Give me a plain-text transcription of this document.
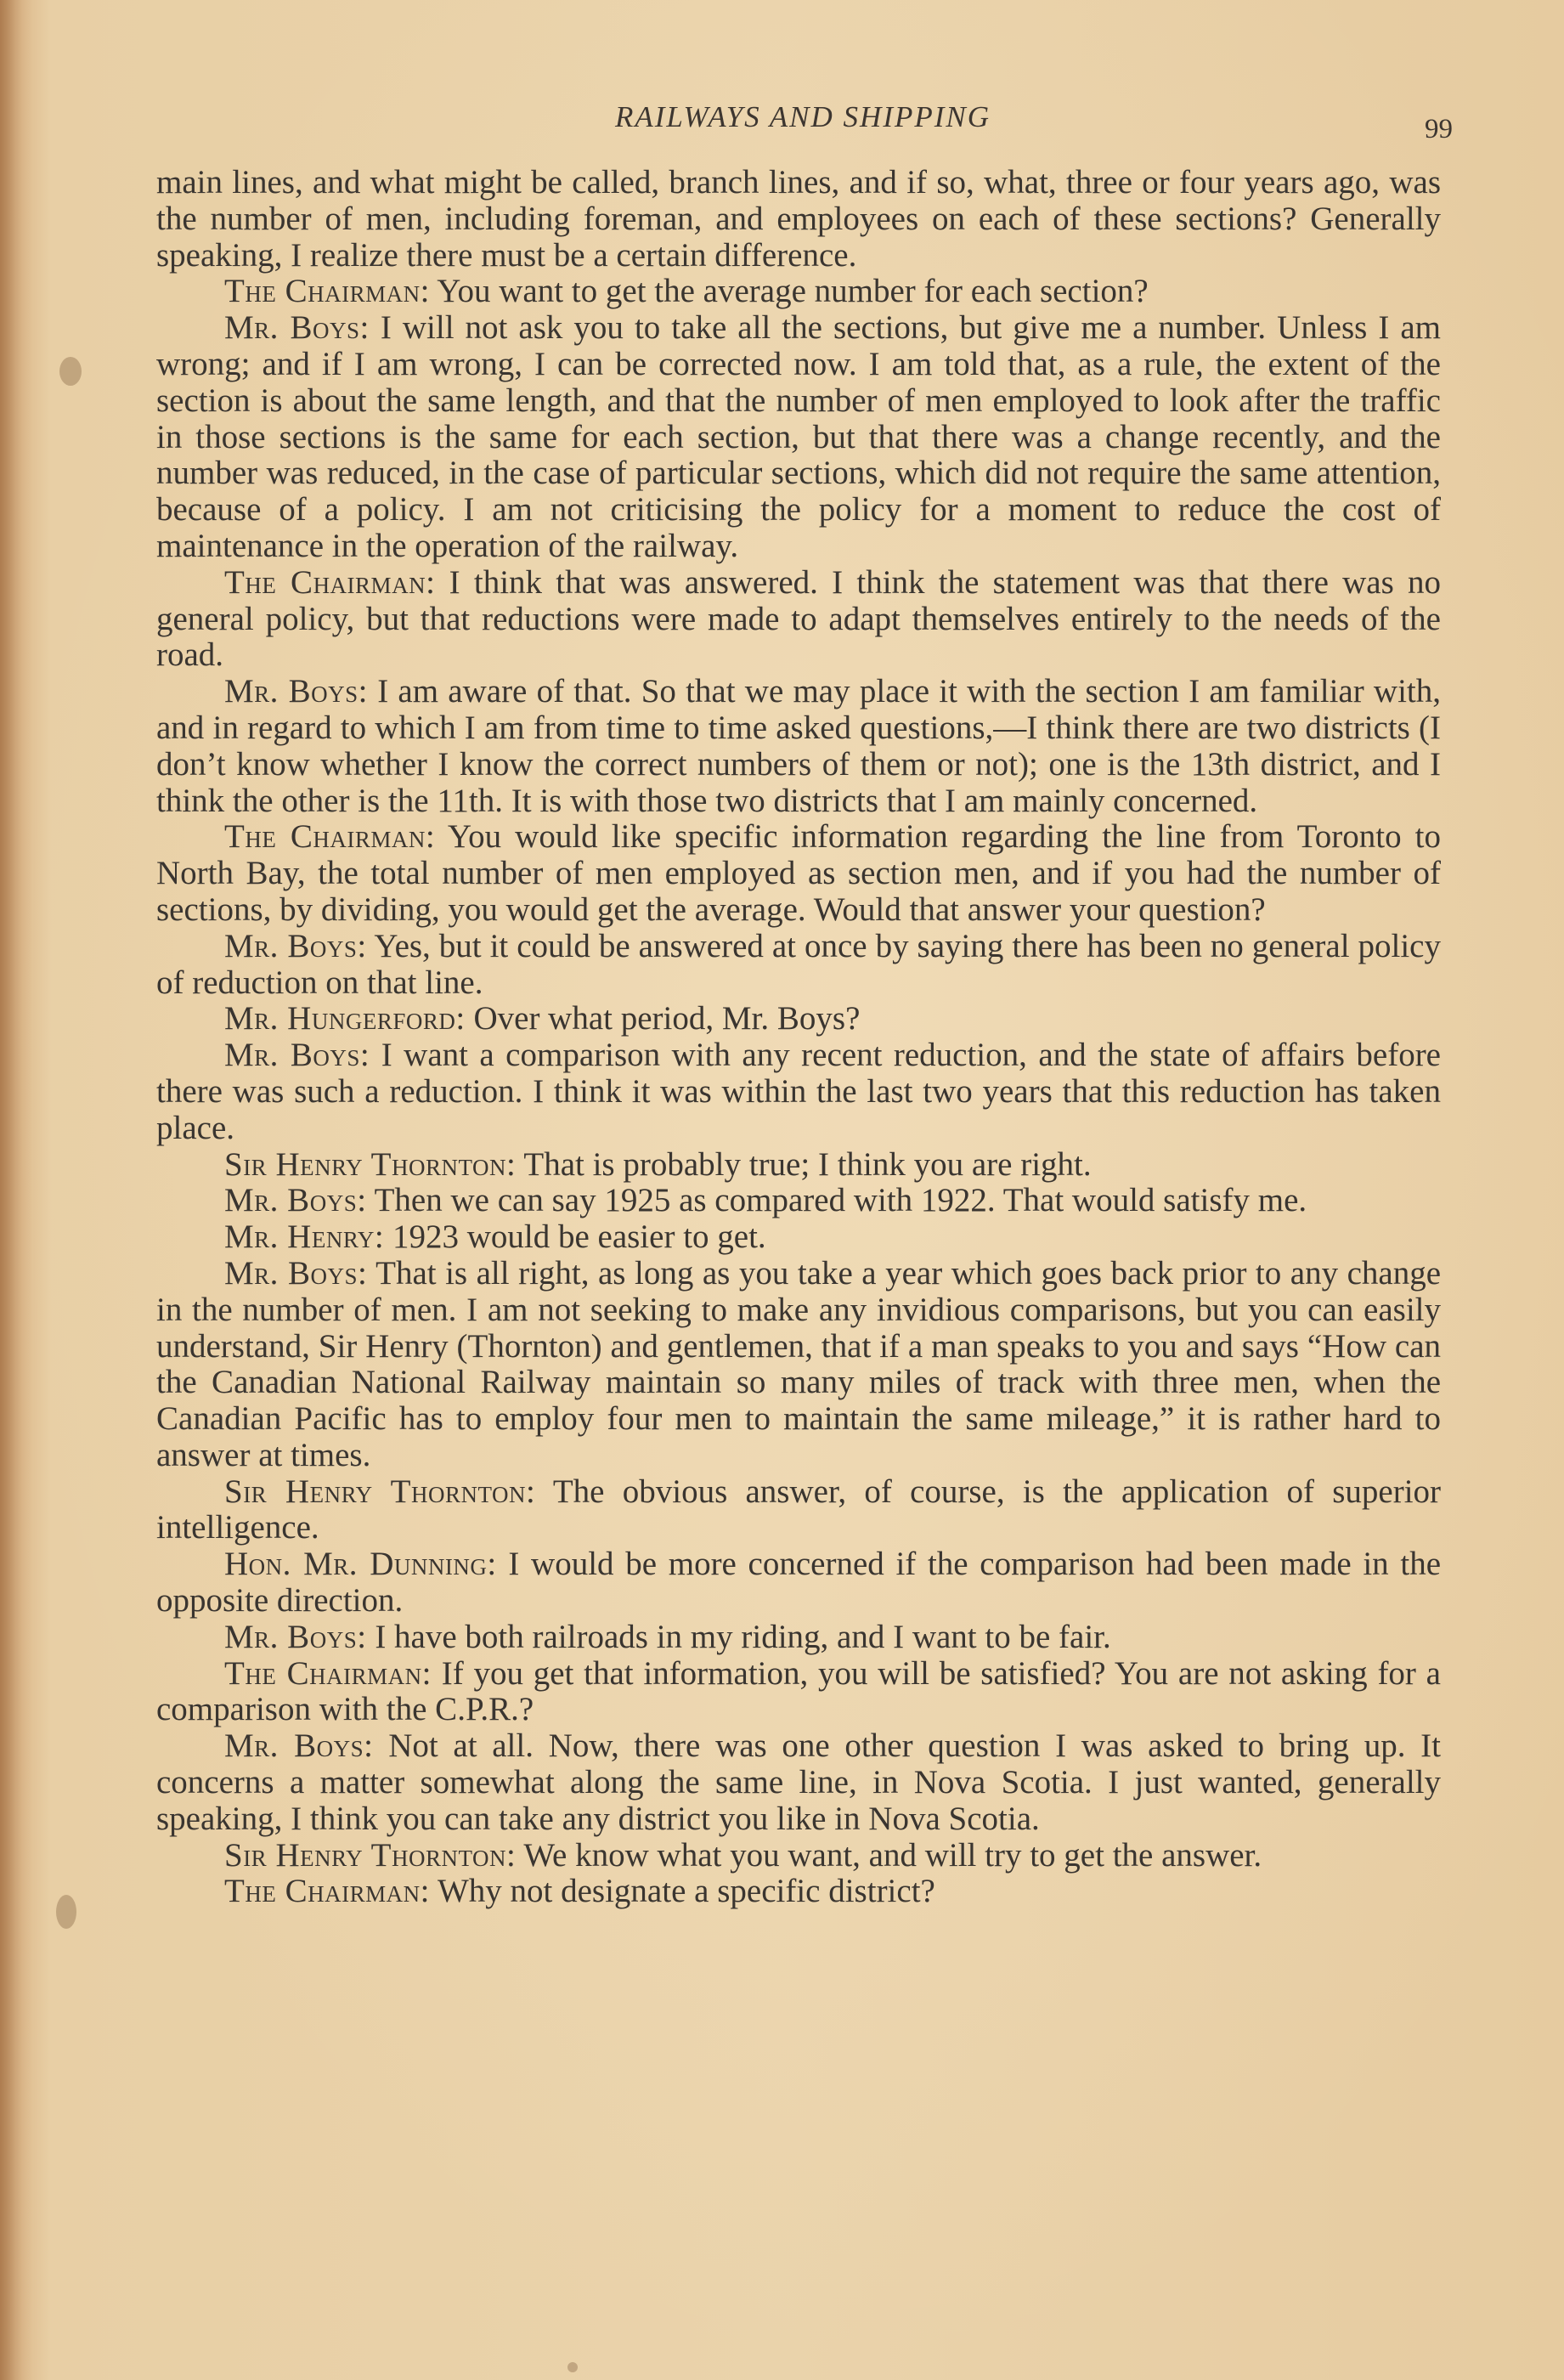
RAILWAYS AND SHIPPING	99

main lines, and what might be called, branch lines, and if so, what, three or four years ago, was the number of men, including foreman, and employees on each of these sections? Generally speaking, I realize there must be a certain difference.

The Chairman: You want to get the average number for each section?

Mr. Boys: I will not ask you to take all the sections, but give me a number. Unless I am wrong; and if I am wrong, I can be corrected now. I am told that, as a rule, the extent of the section is about the same length, and that the number of men employed to look after the traffic in those sections is the same for each section, but that there was a change recently, and the number was reduced, in the case of particular sections, which did not require the same attention, because of a policy. I am not criticising the policy for a moment to reduce the cost of maintenance in the operation of the railway.

The Chairman: I think that was answered. I think the statement was that there was no general policy, but that reductions were made to adapt themselves entirely to the needs of the road.

Mr. Boys: I am aware of that. So that we may place it with the section I am familiar with, and in regard to which I am from time to time asked questions,—I think there are two districts (I don’t know whether I know the correct numbers of them or not); one is the 13th district, and I think the other is the 11th. It is with those two districts that I am mainly concerned.

The Chairman: You would like specific information regarding the line from Toronto to North Bay, the total number of men employed as section men, and if you had the number of sections, by dividing, you would get the average. Would that answer your question?

Mr. Boys: Yes, but it could be answered at once by saying there has been no general policy of reduction on that line.

Mr. Hungerford: Over what period, Mr. Boys?

Mr. Boys: I want a comparison with any recent reduction, and the state of affairs before there was such a reduction. I think it was within the last two years that this reduction has taken place.

Sir Henry Thornton: That is probably true; I think you are right.

Mr. Boys: Then we can say 1925 as compared with 1922. That would satisfy me.

Mr. Henry: 1923 would be easier to get.

Mr. Boys: That is all right, as long as you take a year which goes back prior to any change in the number of men. I am not seeking to make any invidious comparisons, but you can easily understand, Sir Henry (Thornton) and gentlemen, that if a man speaks to you and says “How can the Canadian National Railway maintain so many miles of track with three men, when the Canadian Pacific has to employ four men to maintain the same mileage,” it is rather hard to answer at times.

Sir Henry Thornton: The obvious answer, of course, is the application of superior intelligence.

Hon. Mr. Dunning: I would be more concerned if the comparison had been made in the opposite direction.

Mr. Boys: I have both railroads in my riding, and I want to be fair.

The Chairman: If you get that information, you will be satisfied? You are not asking for a comparison with the C.P.R.?

Mr. Boys: Not at all. Now, there was one other question I was asked to bring up. It concerns a matter somewhat along the same line, in Nova Scotia. I just wanted, generally speaking, I think you can take any district you like in Nova Scotia.

Sir Henry Thornton: We know what you want, and will try to get the answer.

The Chairman: Why not designate a specific district?
